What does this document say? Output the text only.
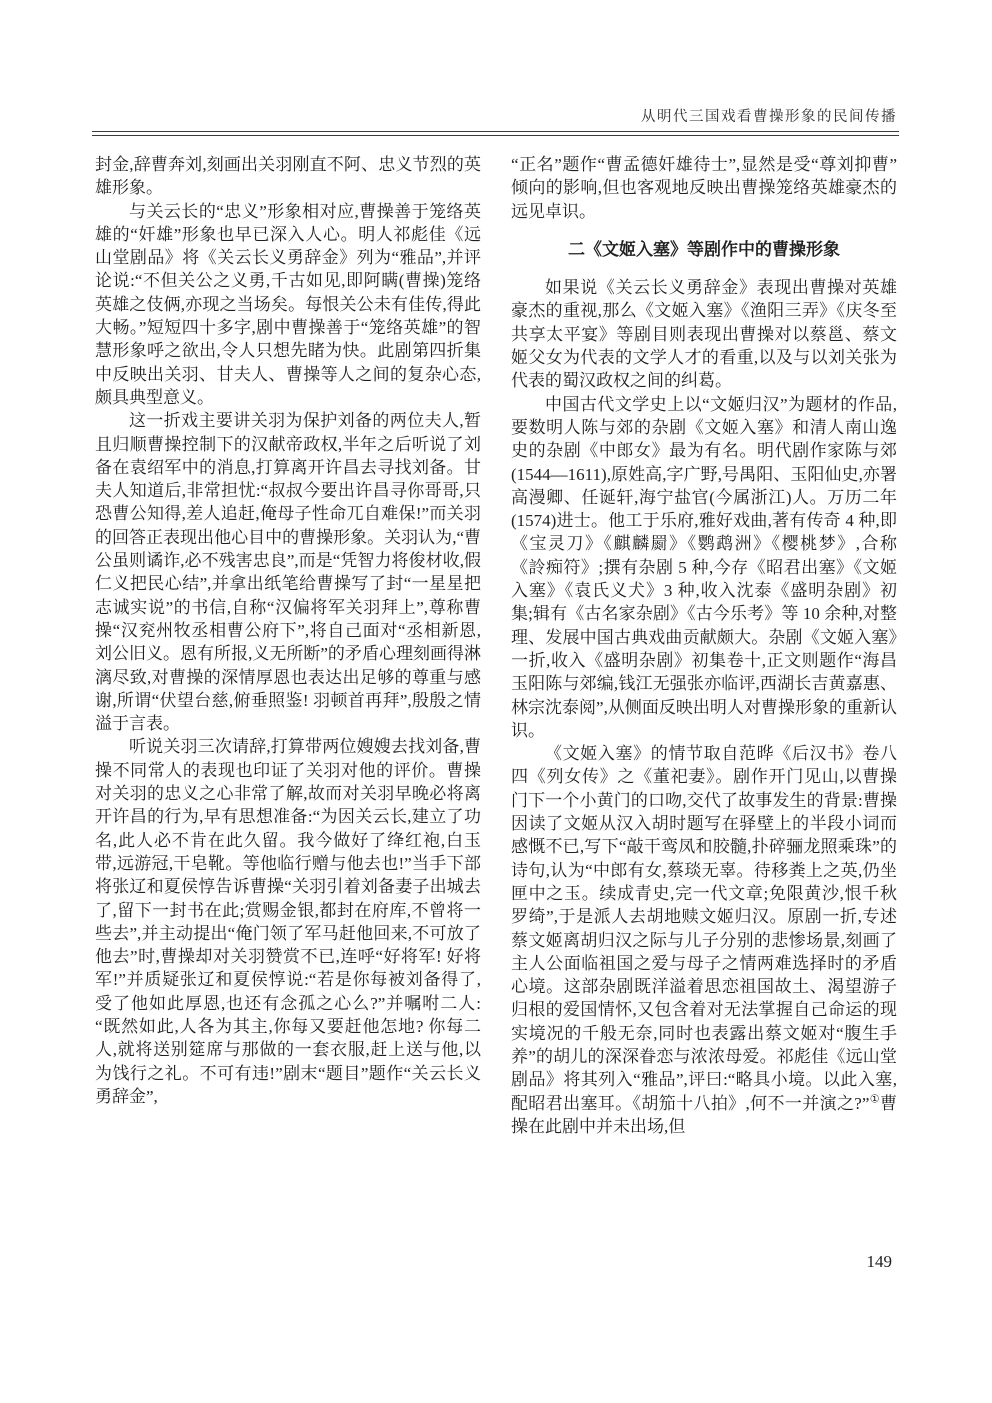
从明代三国戏看曹操形象的民间传播

封金,辞曹奔刘,刻画出关羽刚直不阿、忠义节烈的英雄形象。

与关云长的“忠义”形象相对应,曹操善于笼络英雄的“奸雄”形象也早已深入人心。明人祁彪佳《远山堂剧品》将《关云长义勇辞金》列为“雅品”,并评论说:“不但关公之义勇,千古如见,即阿瞒(曹操)笼络英雄之伎俩,亦现之当场矣。每恨关公未有佳传,得此大畅。”短短四十多字,剧中曹操善于“笼络英雄”的智慧形象呼之欲出,令人只想先睹为快。此剧第四折集中反映出关羽、甘夫人、曹操等人之间的复杂心态,颇具典型意义。

这一折戏主要讲关羽为保护刘备的两位夫人,暂且归顺曹操控制下的汉献帝政权,半年之后听说了刘备在袁绍军中的消息,打算离开许昌去寻找刘备。甘夫人知道后,非常担忧:“叔叔今要出许昌寻你哥哥,只恐曹公知得,差人追赶,俺母子性命兀自难保!”而关羽的回答正表现出他心目中的曹操形象。关羽认为,“曹公虽则谲诈,必不残害忠良”,而是“凭智力将俊材收,假仁义把民心结”,并拿出纸笔给曹操写了封“一星星把志诚实说”的书信,自称“汉偏将军关羽拜上”,尊称曹操“汉兖州牧丞相曹公府下”,将自己面对“丞相新恩,刘公旧义。恩有所报,义无所断”的矛盾心理刻画得淋漓尽致,对曹操的深情厚恩也表达出足够的尊重与感谢,所谓“伏望台慈,俯垂照鉴! 羽顿首再拜”,殷殷之情溢于言表。

听说关羽三次请辞,打算带两位嫂嫂去找刘备,曹操不同常人的表现也印证了关羽对他的评价。曹操对关羽的忠义之心非常了解,故而对关羽早晚必将离开许昌的行为,早有思想准备:“为因关云长,建立了功名,此人必不肯在此久留。我今做好了绛红袍,白玉带,远游冠,干皂靴。等他临行赠与他去也!”当手下部将张辽和夏侯惇告诉曹操“关羽引着刘备妻子出城去了,留下一封书在此;赏赐金银,都封在府库,不曾将一些去”,并主动提出“俺门领了军马赶他回来,不可放了他去”时,曹操却对关羽赞赏不已,连呼“好将军! 好将军!”并质疑张辽和夏侯惇说:“若是你每被刘备得了,受了他如此厚恩,也还有念孤之心么?”并嘱咐二人:“既然如此,人各为其主,你每又要赶他怎地? 你每二人,就将送别筵席与那做的一套衣服,赶上送与他,以为饯行之礼。不可有违!”剧末“题目”题作“关云长义勇辞金”,

“正名”题作“曹孟德奸雄待士”,显然是受“尊刘抑曹”倾向的影响,但也客观地反映出曹操笼络英雄豪杰的远见卓识。

二《文姬入塞》等剧作中的曹操形象

如果说《关云长义勇辞金》表现出曹操对英雄豪杰的重视,那么《文姬入塞》《渔阳三弄》《庆冬至共享太平宴》等剧目则表现出曹操对以蔡邕、蔡文姬父女为代表的文学人才的看重,以及与以刘关张为代表的蜀汉政权之间的纠葛。

中国古代文学史上以“文姬归汉”为题材的作品,要数明人陈与郊的杂剧《文姬入塞》和清人南山逸史的杂剧《中郎女》最为有名。明代剧作家陈与郊(1544—1611),原姓高,字广野,号禺阳、玉阳仙史,亦署高漫卿、任诞轩,海宁盐官(今属浙江)人。万历二年(1574)进士。他工于乐府,雅好戏曲,著有传奇 4 种,即《宝灵刀》《麒麟罽》《鹦鹉洲》《樱桃梦》,合称《詅痴符》;撰有杂剧 5 种,今存《昭君出塞》《文姬入塞》《袁氏义犬》3 种,收入沈泰《盛明杂剧》初集;辑有《古名家杂剧》《古今乐考》等 10 余种,对整理、发展中国古典戏曲贡献颇大。杂剧《文姬入塞》一折,收入《盛明杂剧》初集卷十,正文则题作“海昌玉阳陈与郊编,钱江无强张亦临评,西湖长吉黄嘉惠、林宗沈泰阅”,从侧面反映出明人对曹操形象的重新认识。

《文姬入塞》的情节取自范晔《后汉书》卷八四《列女传》之《董祀妻》。剧作开门见山,以曹操门下一个小黄门的口吻,交代了故事发生的背景:曹操因读了文姬从汉入胡时题写在驿壁上的半段小词而感慨不已,写下“敲干鸾凤和胶髓,扑碎骊龙照乘珠”的诗句,认为“中郎有女,蔡琰无辜。待移粪上之英,仍坐匣中之玉。续成青史,完一代文章;免限黄沙,恨千秋罗绮”,于是派人去胡地赎文姬归汉。原剧一折,专述蔡文姬离胡归汉之际与儿子分别的悲惨场景,刻画了主人公面临祖国之爱与母子之情两难选择时的矛盾心境。这部杂剧既洋溢着思恋祖国故土、渴望游子归根的爱国情怀,又包含着对无法掌握自己命运的现实境况的千般无奈,同时也表露出蔡文姬对“腹生手养”的胡儿的深深眷恋与浓浓母爱。祁彪佳《远山堂剧品》将其列入“雅品”,评曰:“略具小境。以此入塞,配昭君出塞耳。《胡笳十八拍》,何不一并演之?”①曹操在此剧中并未出场,但

149
